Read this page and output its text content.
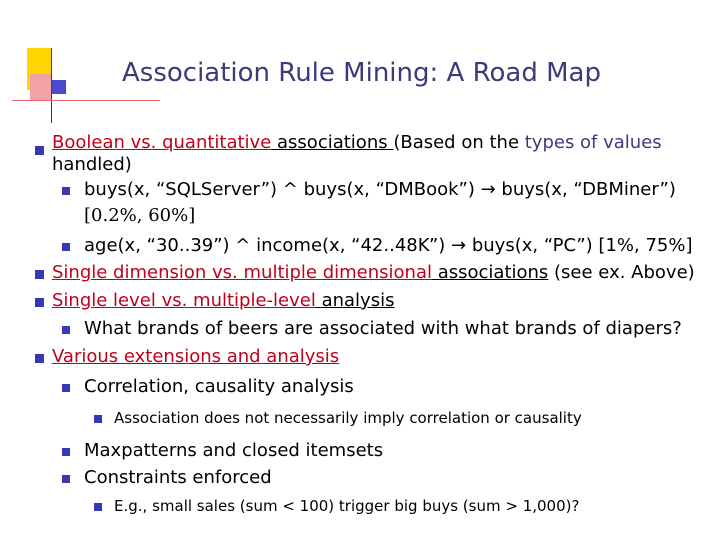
Association Rule Mining: A Road Map
Boolean vs. quantitative associations (Based on the types of values
handled)
buys(x, “SQLServer”) ^ buys(x, “DMBook”) → buys(x, “DBMiner”)
[0.2%, 60%]
age(x, “30..39”) ^ income(x, “42..48K”) → buys(x, “PC”) [1%, 75%]
Single dimension vs. multiple dimensional associations (see ex. Above)
Single level vs. multiple-level analysis
What brands of beers are associated with what brands of diapers?
Various extensions and analysis
Correlation, causality analysis
Association does not necessarily imply correlation or causality
Maxpatterns and closed itemsets
Constraints enforced
E.g., small sales (sum < 100) trigger big buys (sum > 1,000)?
